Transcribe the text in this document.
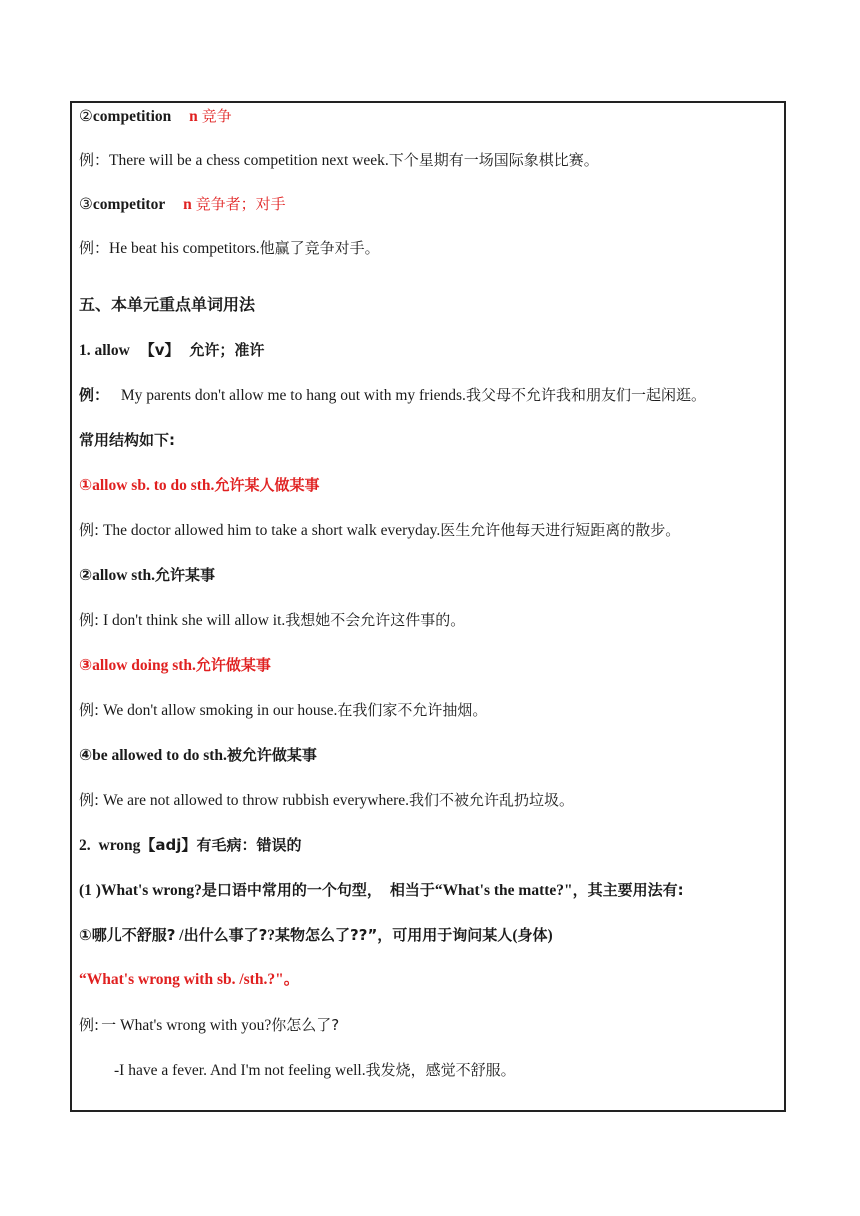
②competition n 竞争
例：There will be a chess competition next week.下个星期有一场国际象棋比赛。
③competitor n 竞争者；对手
例：He beat his competitors.他赢了竞争对手。
五、本单元重点单词用法
1. allow 【v】 允许；准许
例： My parents don't allow me to hang out with my friends.我父母不允许我和朋友们一起闲逛。
常用结构如下:
①allow sb. to do sth.允许某人做某事
例: The doctor allowed him to take a short walk everyday.医生允许他每天进行短距离的散步。
②allow sth.允许某事
例: I don't think she will allow it.我想她不会允许这件事的。
③allow doing sth.允许做某事
例: We don't allow smoking in our house.在我们家不允许抽烟。
④be allowed to do sth.被允许做某事
例: We are not allowed to throw rubbish everywhere.我们不被允许乱扔垃圾。
2. wrong【adj】有毛病：错误的
(1 )What's wrong?是口语中常用的一个句型， 相当于“What's the matte?"，其主要用法有:
①哪儿不舒服? /出什么事了??某物怎么了??”，可用用于询问某人(身体)
“What's wrong with sb. /sth.?"。
例: 一 What's wrong with you?你怎么了?
-I have a fever. And I'm not feeling well.我发烧，感觉不舒服。
